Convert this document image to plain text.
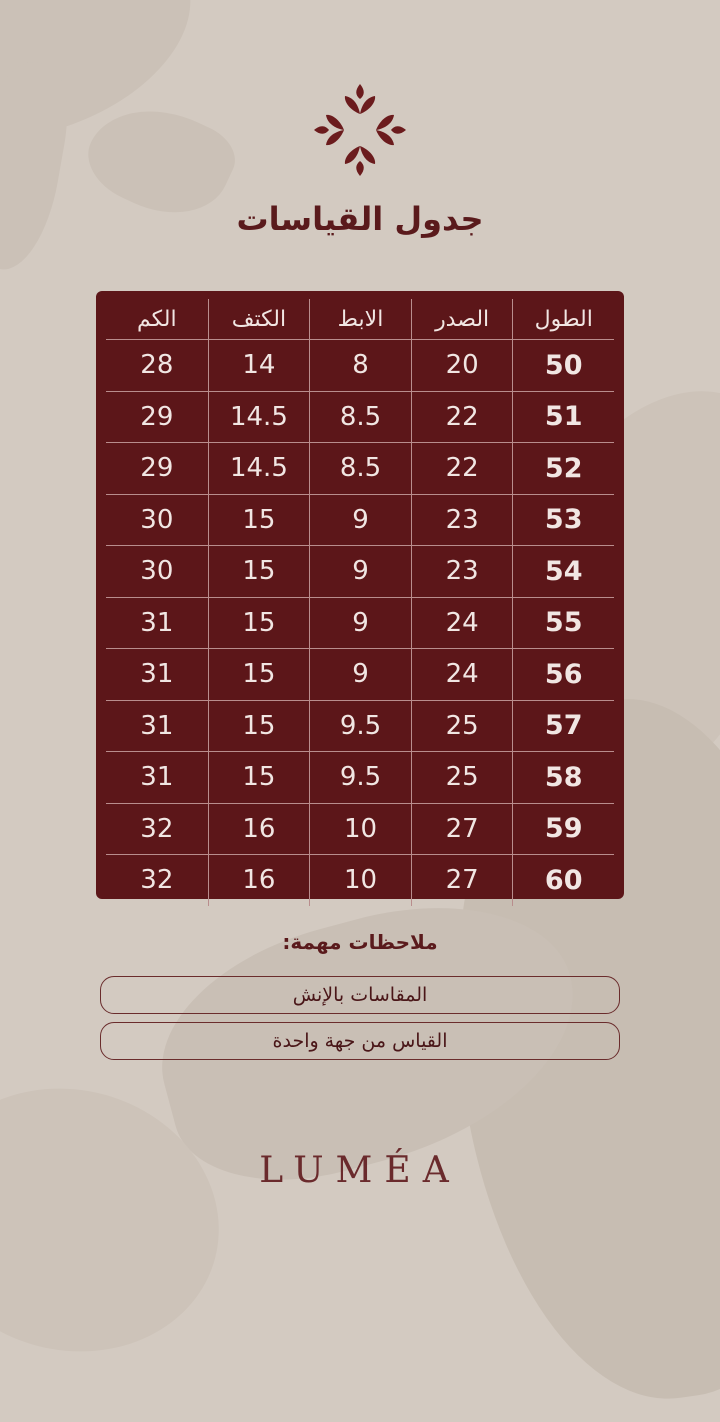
جدول القياسات
الطول
الصدر
الابط
الكتف
الكم
50
20
8
14
28
51
22
8.5
14.5
29
52
22
8.5
14.5
29
53
23
9
15
30
54
23
9
15
30
55
24
9
15
31
56
24
9
15
31
57
25
9.5
15
31
58
25
9.5
15
31
59
27
10
16
32
60
27
10
16
32
ملاحظات مهمة:
المقاسات بالإنش
القياس من جهة واحدة
LUMÉA
